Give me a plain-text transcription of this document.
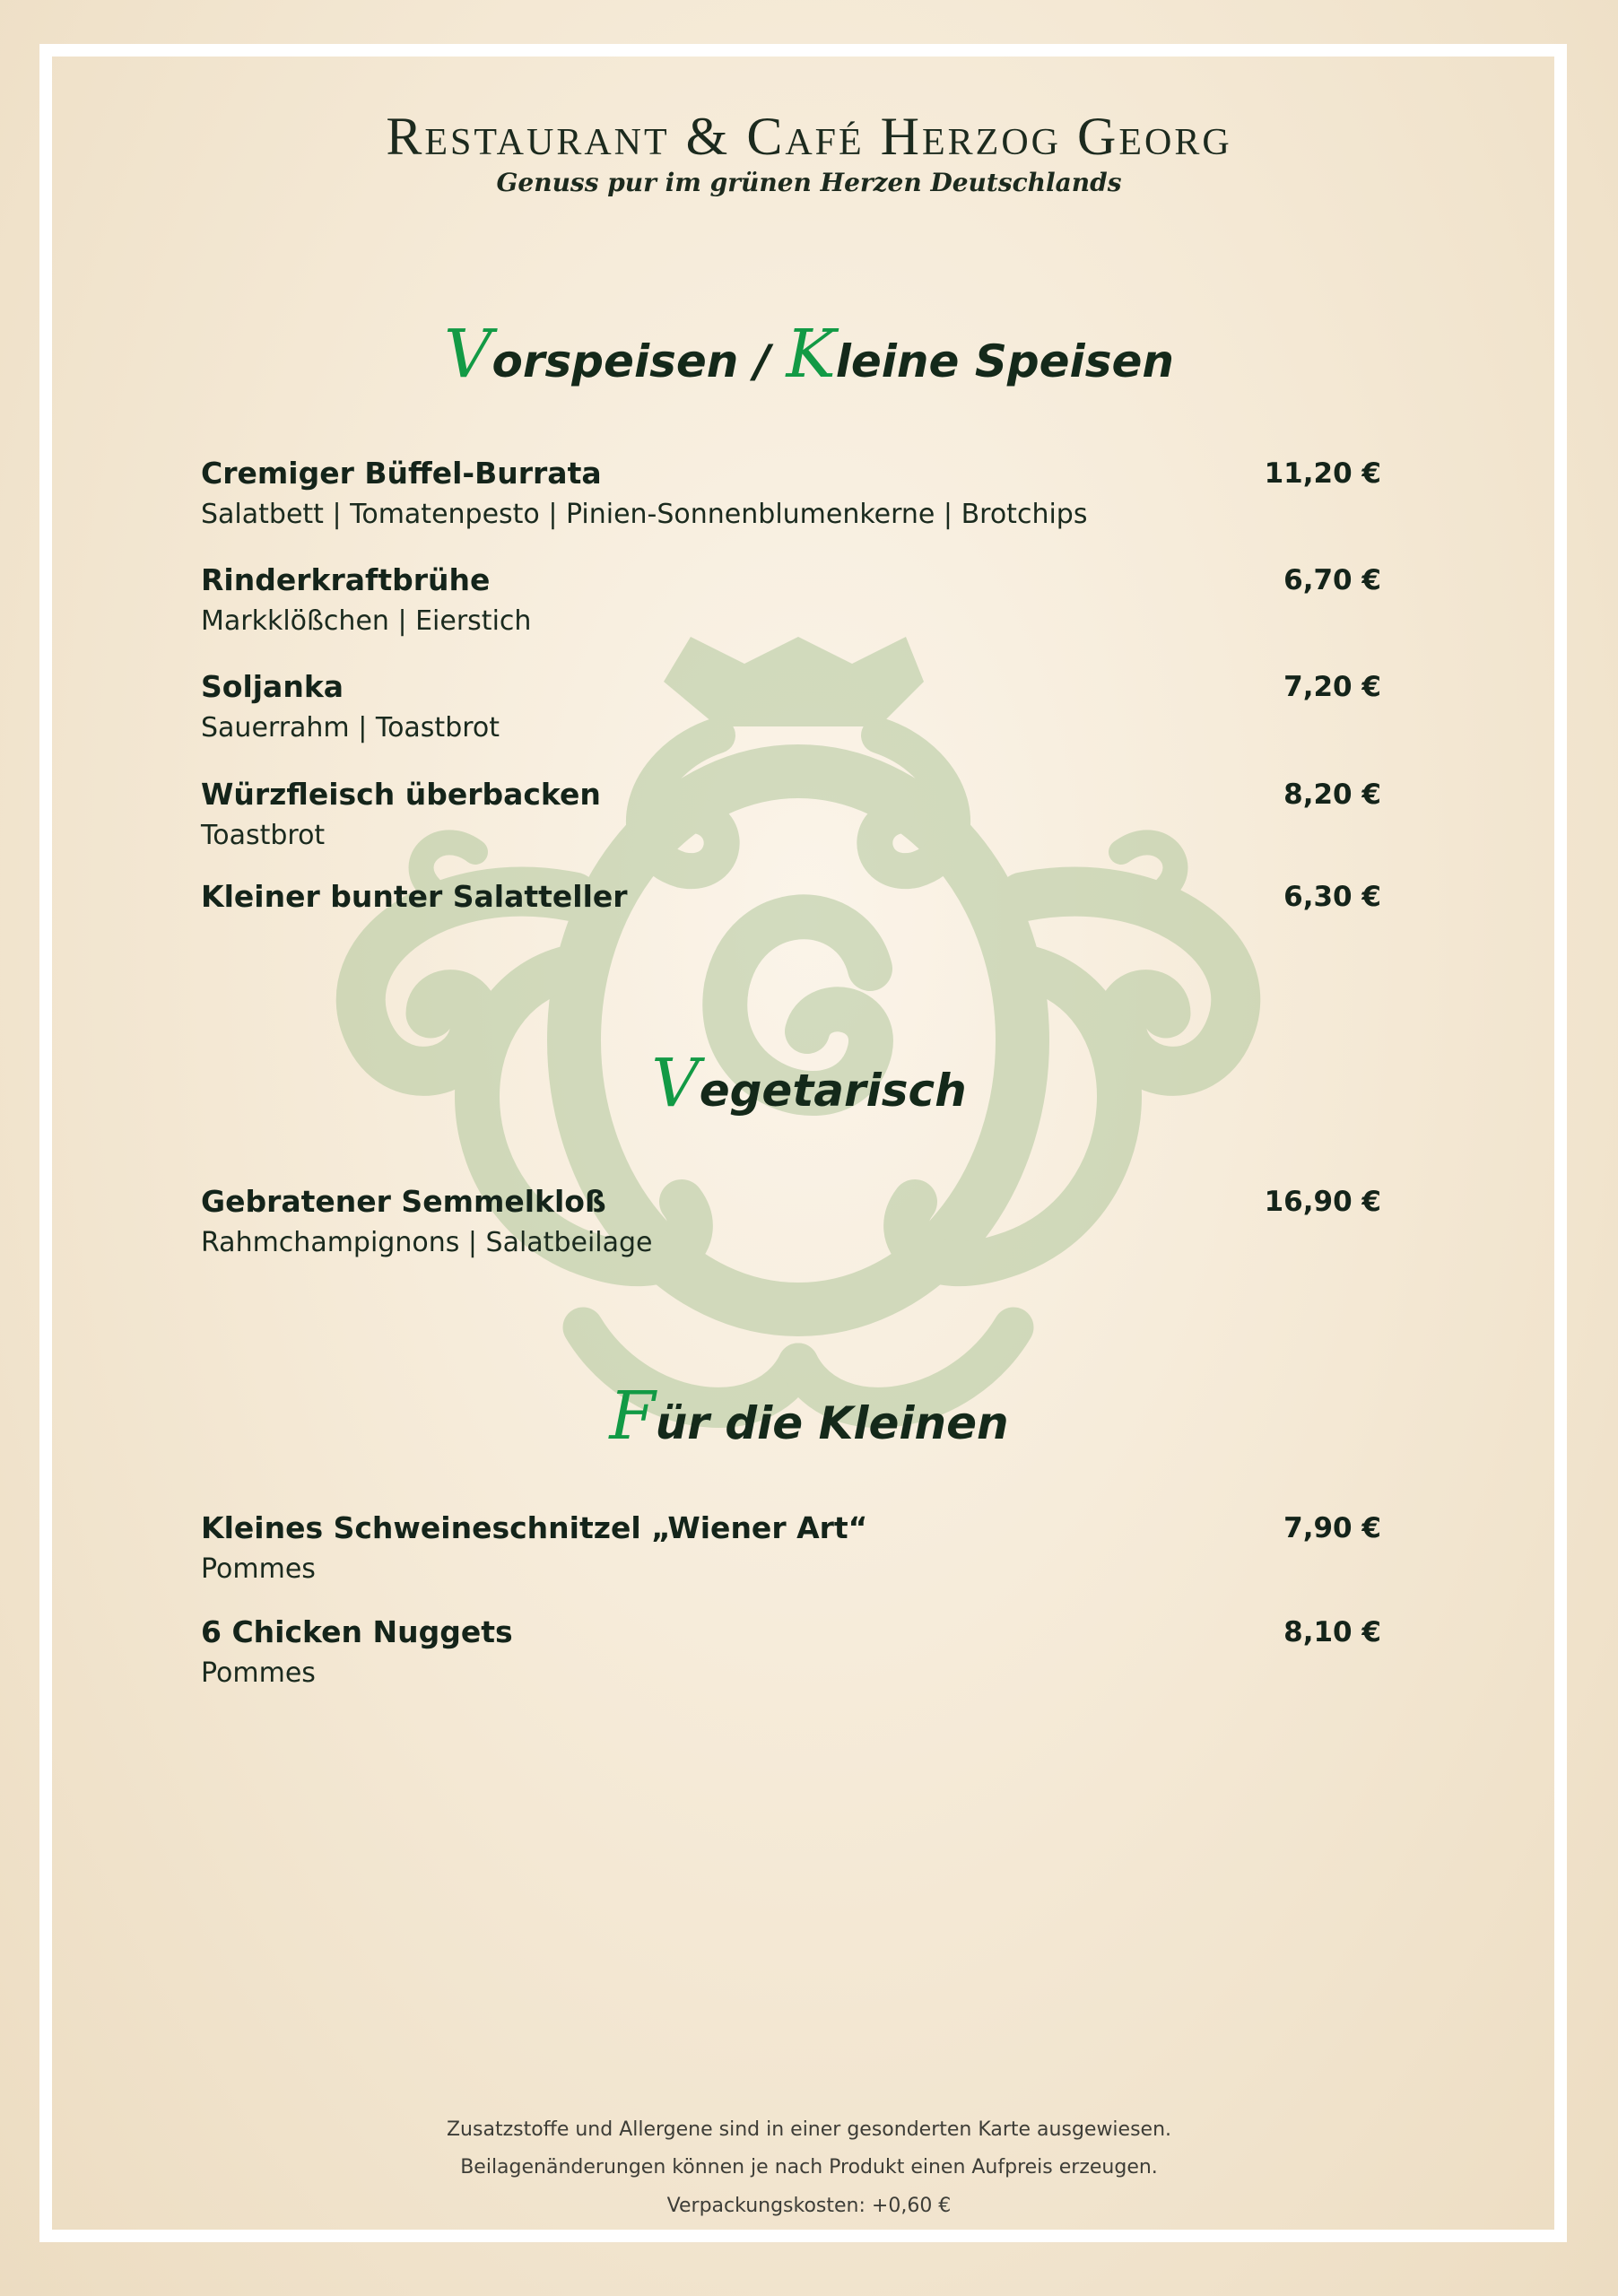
Restaurant & Café Herzog Georg
Genuss pur im grünen Herzen Deutschlands
Vorspeisen / Kleine Speisen
Cremiger Büffel-Burrata
Salatbett | Tomatenpesto | Pinien-Sonnenblumenkerne | Brotchips
11,20 €
Rinderkraftbrühe
Markklößchen | Eierstich
6,70 €
Soljanka
Sauerrahm | Toastbrot
7,20 €
Würzfleisch überbacken
Toastbrot
8,20 €
Kleiner bunter Salatteller	6,30 €
Vegetarisch
Gebratener Semmelkloß
Rahmchampignons | Salatbeilage
16,90 €
Für die Kleinen
Kleines Schweineschnitzel „Wiener Art“
Pommes
7,90 €
6 Chicken Nuggets
Pommes
8,10 €
Zusatzstoffe und Allergene sind in einer gesonderten Karte ausgewiesen.
Beilagenänderungen können je nach Produkt einen Aufpreis erzeugen.
Verpackungskosten: +0,60 €
